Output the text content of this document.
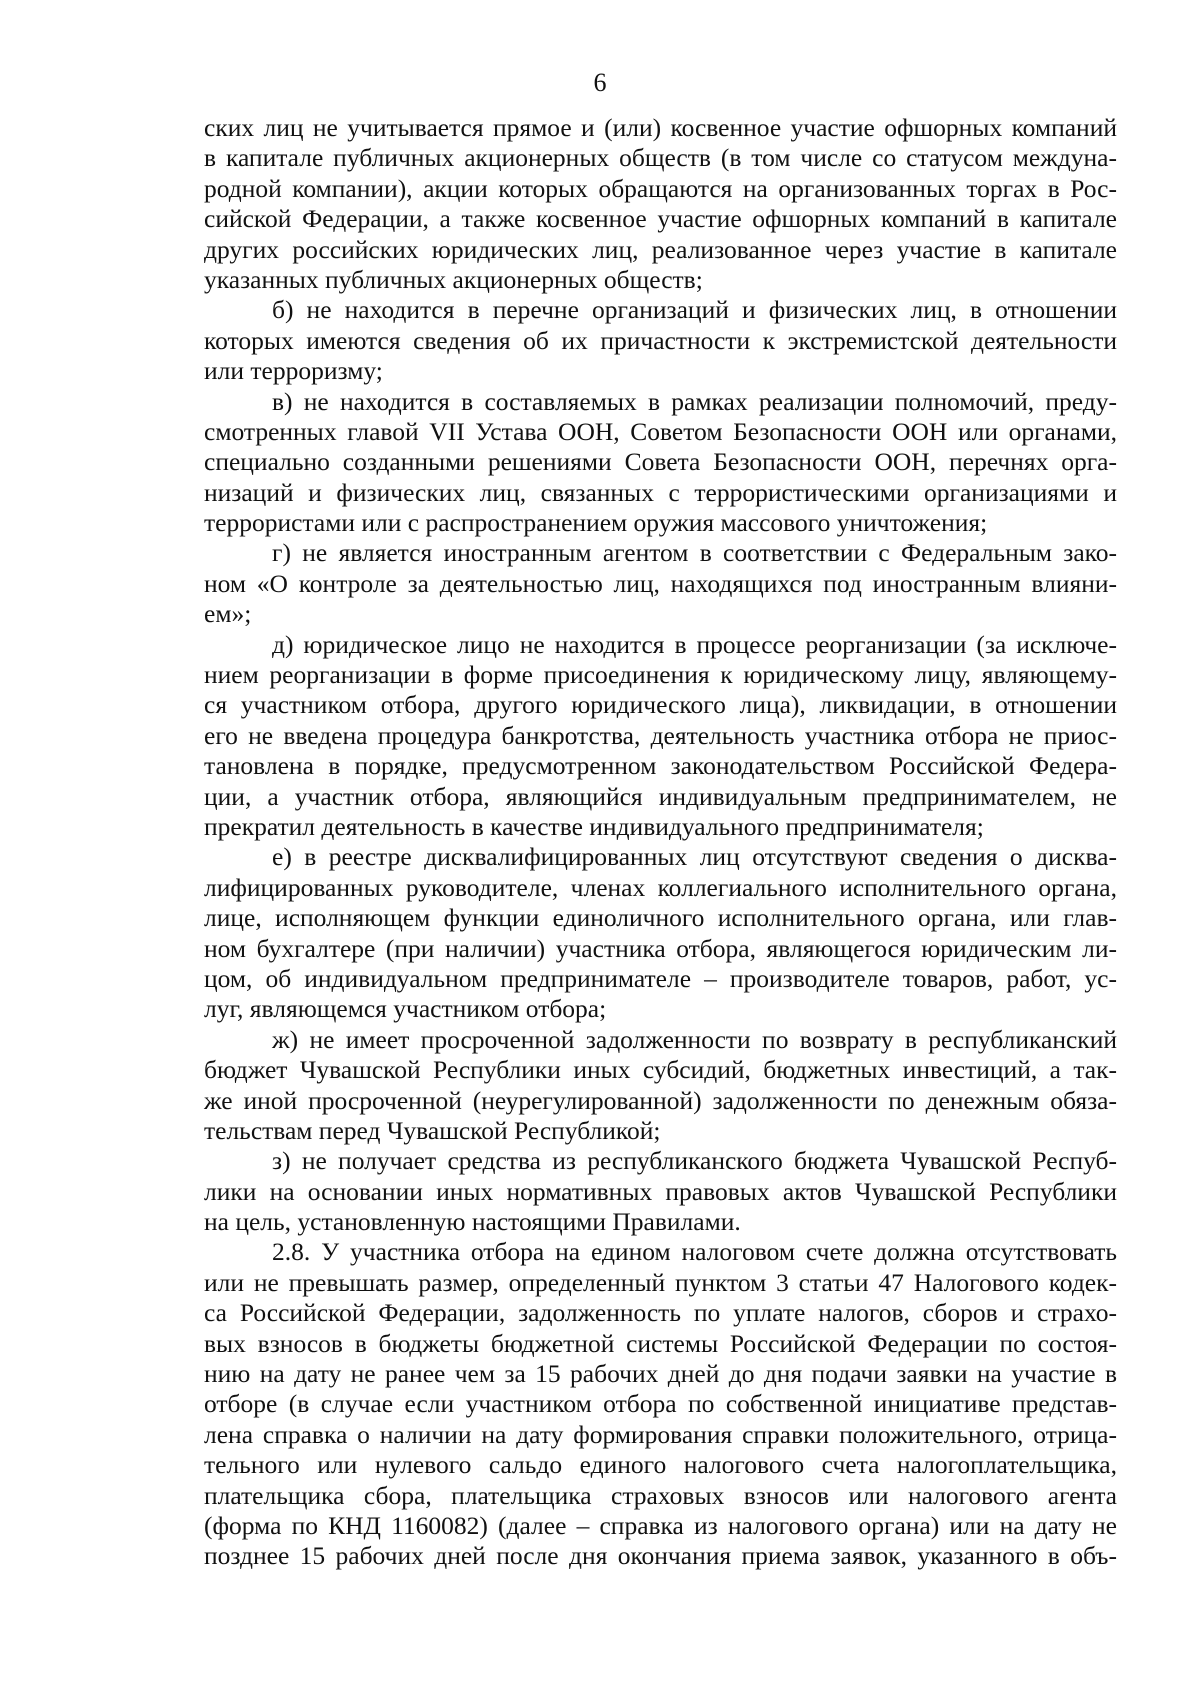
6
ских лиц не учитывается прямое и (или) косвенное участие офшорных компаний
в капитале публичных акционерных обществ (в том числе со статусом междуна-
родной компании), акции которых обращаются на организованных торгах в Рос-
сийской Федерации, а также косвенное участие офшорных компаний в капитале
других российских юридических лиц, реализованное через участие в капитале
указанных публичных акционерных обществ;
б) не находится в перечне организаций и физических лиц, в отношении
которых имеются сведения об их причастности к экстремистской деятельности
или терроризму;
в) не находится в составляемых в рамках реализации полномочий, преду-
смотренных главой VII Устава ООН, Советом Безопасности ООН или органами,
специально созданными решениями Совета Безопасности ООН, перечнях орга-
низаций и физических лиц, связанных с террористическими организациями и
террористами или с распространением оружия массового уничтожения;
г) не является иностранным агентом в соответствии с Федеральным зако-
ном «О контроле за деятельностью лиц, находящихся под иностранным влияни-
ем»;
д) юридическое лицо не находится в процессе реорганизации (за исключе-
нием реорганизации в форме присоединения к юридическому лицу, являющему-
ся участником отбора, другого юридического лица), ликвидации, в отношении
его не введена процедура банкротства, деятельность участника отбора не приос-
тановлена в порядке, предусмотренном законодательством Российской Федера-
ции, а участник отбора, являющийся индивидуальным предпринимателем, не
прекратил деятельность в качестве индивидуального предпринимателя;
е) в реестре дисквалифицированных лиц отсутствуют сведения о дисква-
лифицированных руководителе, членах коллегиального исполнительного органа,
лице, исполняющем функции единоличного исполнительного органа, или глав-
ном бухгалтере (при наличии) участника отбора, являющегося юридическим ли-
цом, об индивидуальном предпринимателе – производителе товаров, работ, ус-
луг, являющемся участником отбора;
ж) не имеет просроченной задолженности по возврату в республиканский
бюджет Чувашской Республики иных субсидий, бюджетных инвестиций, а так-
же иной просроченной (неурегулированной) задолженности по денежным обяза-
тельствам перед Чувашской Республикой;
з) не получает средства из республиканского бюджета Чувашской Респуб-
лики на основании иных нормативных правовых актов Чувашской Республики
на цель, установленную настоящими Правилами.
2.8. У участника отбора на едином налоговом счете должна отсутствовать
или не превышать размер, определенный пунктом 3 статьи 47 Налогового кодек-
са Российской Федерации, задолженность по уплате налогов, сборов и страхо-
вых взносов в бюджеты бюджетной системы Российской Федерации по состоя-
нию на дату не ранее чем за 15 рабочих дней до дня подачи заявки на участие в
отборе (в случае если участником отбора по собственной инициативе представ-
лена справка о наличии на дату формирования справки положительного, отрица-
тельного или нулевого сальдо единого налогового счета налогоплательщика,
плательщика сбора, плательщика страховых взносов или налогового агента
(форма по КНД 1160082) (далее – справка из налогового органа) или на дату не
позднее 15 рабочих дней после дня окончания приема заявок, указанного в объ-
